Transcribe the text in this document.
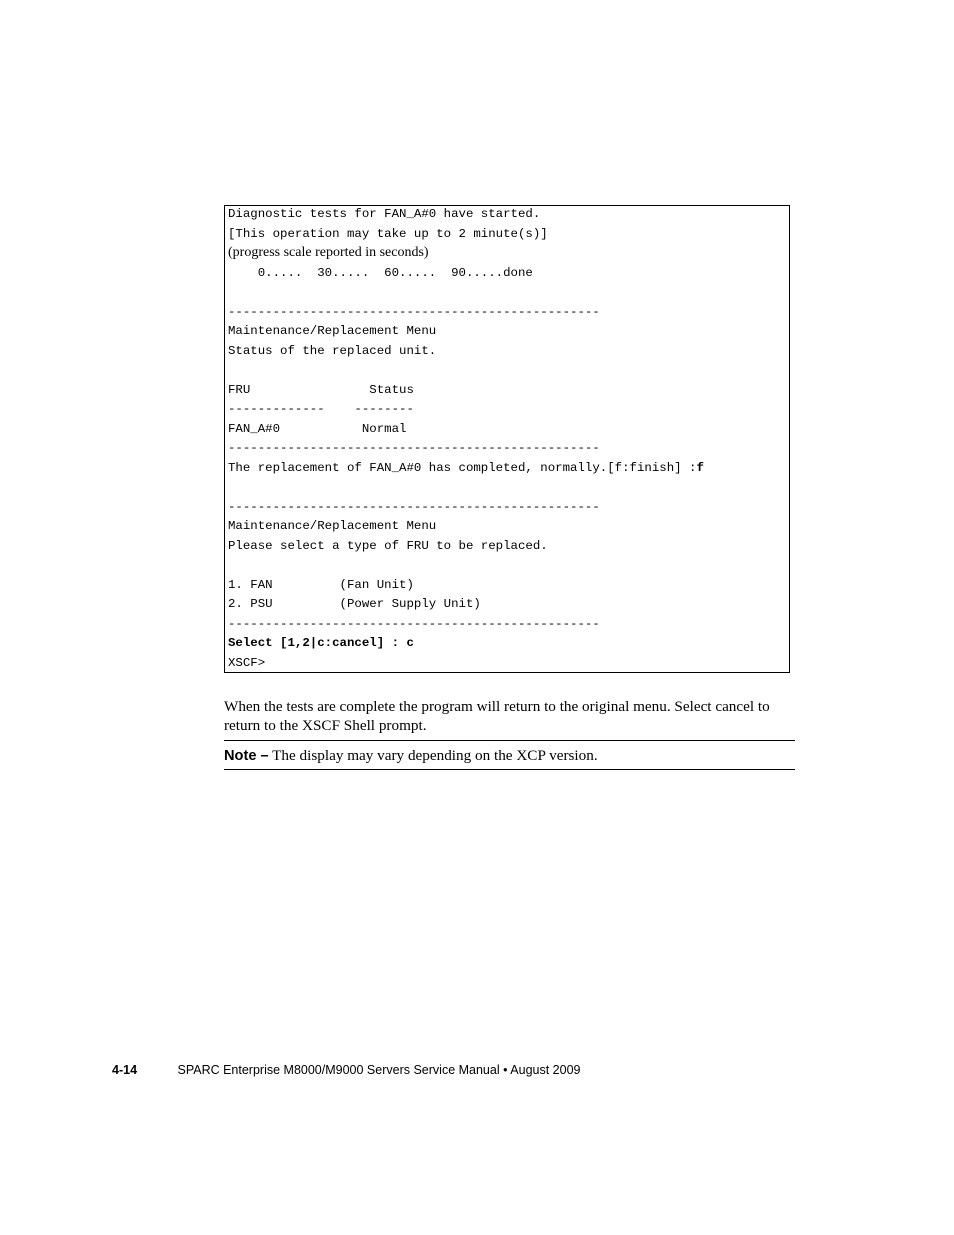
Diagnostic tests for FAN_A#0 have started.
[This operation may take up to 2 minute(s)]
(progress scale reported in seconds)
0.....  30.....  60.....  90.....done
--------------------------------------------------
Maintenance/Replacement Menu
Status of the replaced unit.
FRU                Status
-------------    --------
FAN_A#0           Normal
--------------------------------------------------
The replacement of FAN_A#0 has completed, normally.[f:finish] :f
--------------------------------------------------
Maintenance/Replacement Menu
Please select a type of FRU to be replaced.
1. FAN         (Fan Unit)
2. PSU         (Power Supply Unit)
--------------------------------------------------
Select [1,2|c:cancel] : c
XSCF>

When the tests are complete the program will return to the original menu. Select cancel to return to the XSCF Shell prompt.

Note – The display may vary depending on the XCP version.
4-14	SPARC Enterprise M8000/M9000 Servers Service Manual • August 2009
